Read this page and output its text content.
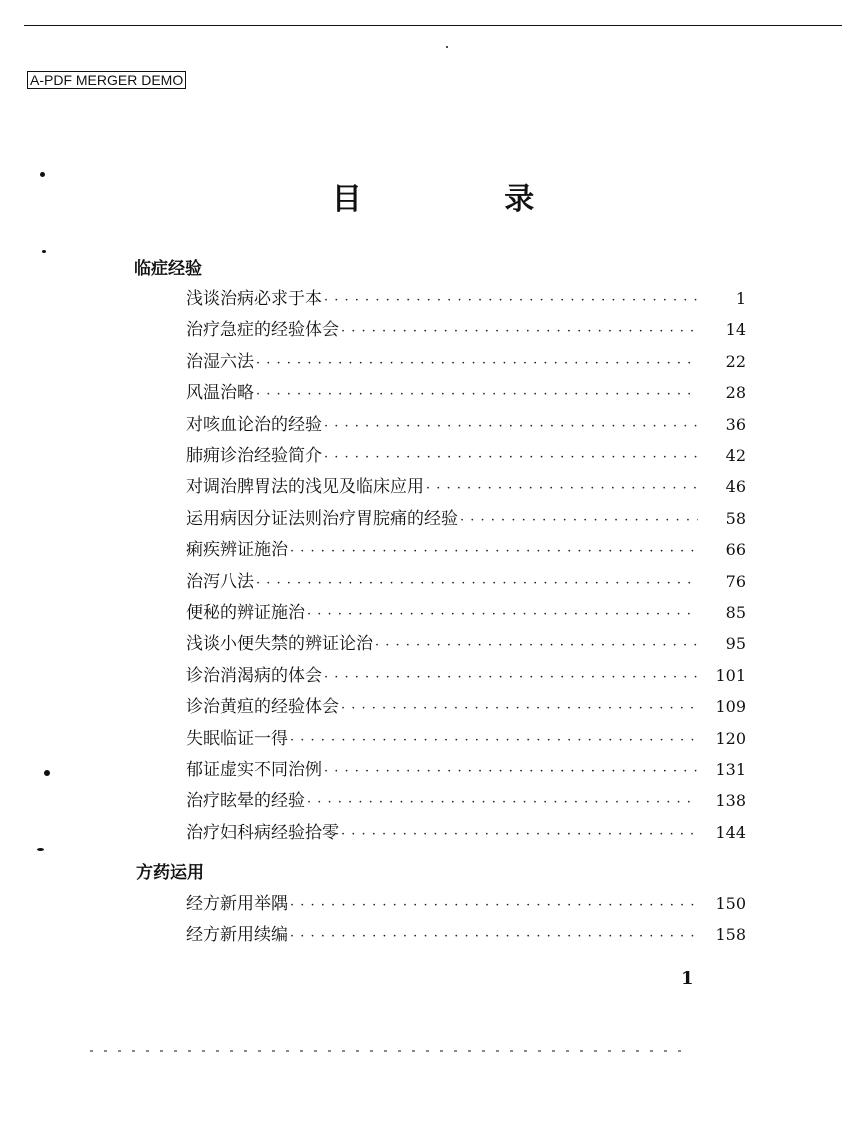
A-PDF MERGER DEMO
目 录
临症经验
浅谈治病必求于本 · · ·	1
治疗急症的经验体会 · · ·	14
治湿六法 · · ·	22
风温治略 · · ·	28
对咳血论治的经验 · · ·	36
肺痈诊治经验简介 · · ·	42
对调治脾胃法的浅见及临床应用 · · ·	46
运用病因分证法则治疗胃脘痛的经验 · · ·	58
痢疾辨证施治 · · ·	66
治泻八法 · · ·	76
便秘的辨证施治 · · ·	85
浅谈小便失禁的辨证论治 · · ·	95
诊治消渴病的体会 · · ·	101
诊治黄疸的经验体会 · · ·	109
失眠临证一得 · · ·	120
郁证虚实不同治例 · · ·	131
治疗眩晕的经验 · · ·	138
治疗妇科病经验拾零 · · ·	144
方药运用
经方新用举隅 · · ·	150
经方新用续编 · · ·	158
1
